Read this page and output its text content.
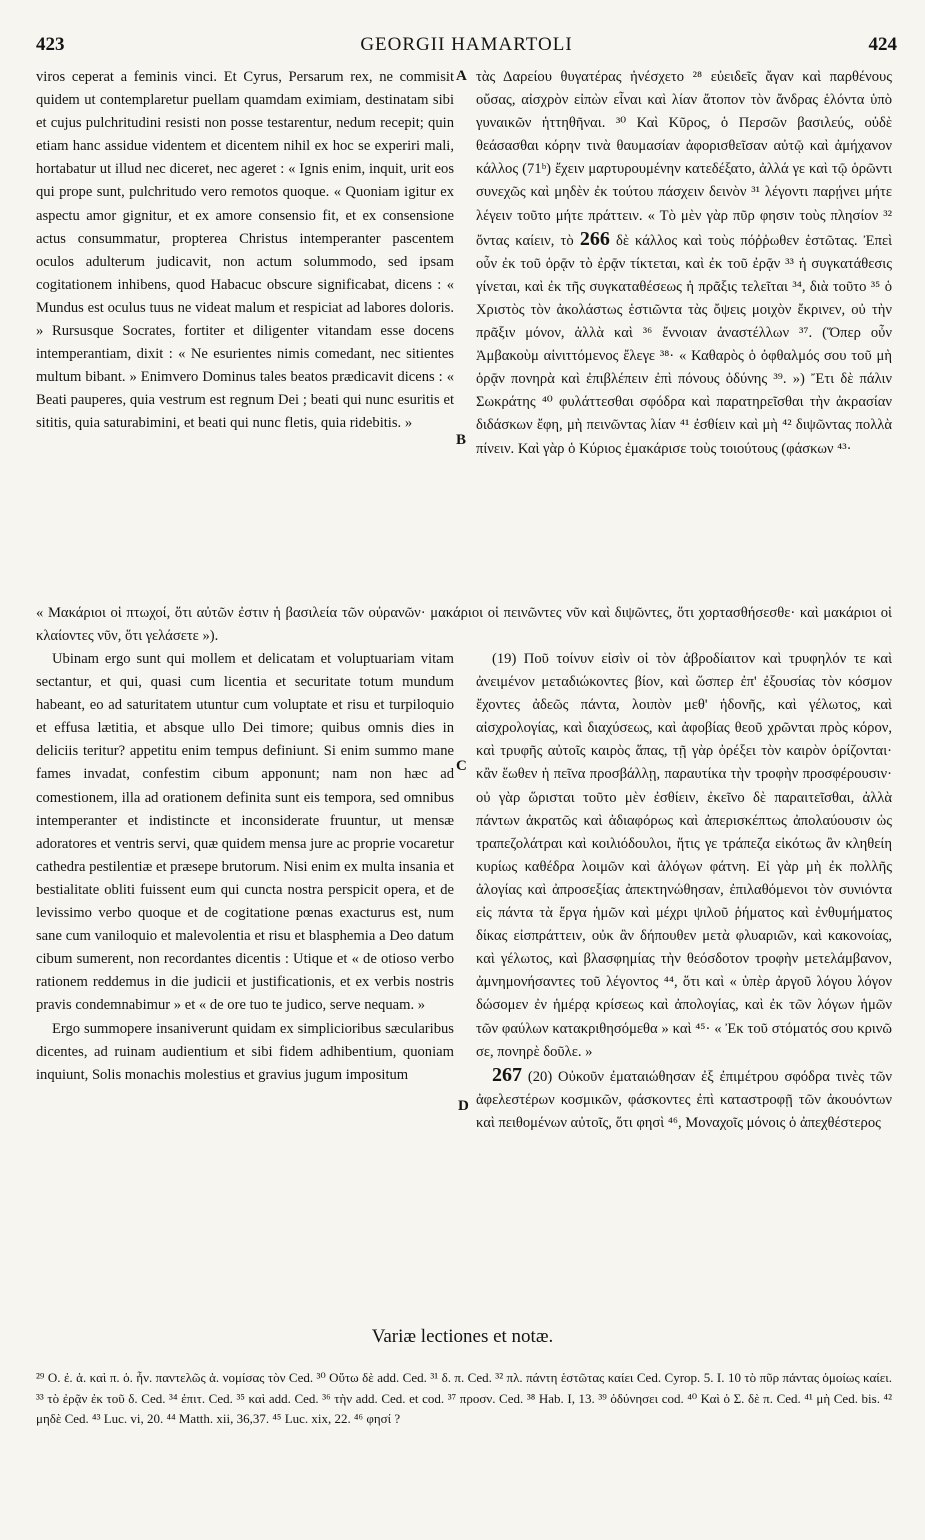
423	GEORGII HAMARTOLI	424
A
B
C
D

viros ceperat a feminis vinci. Et Cyrus, Persarum rex, ne commisit quidem ut contemplaretur puellam quamdam eximiam, destinatam sibi et cujus pulchritudini resisti non posse testarentur, nedum recepit; quin etiam hanc assidue videntem et dicentem nihil ex hoc se experiri mali, hortabatur ut illud nec diceret, nec ageret : « Ignis enim, inquit, urit eos qui prope sunt, pulchritudo vero remotos quoque. « Quoniam igitur ex aspectu amor gignitur, et ex amore consensio fit, et ex consensione actus consummatur, propterea Christus intemperanter pascentem oculos adulterum judicavit, non actum solummodo, sed ipsam cogitationem inhibens, quod Habacuc obscure significabat, dicens : « Mundus est oculus tuus ne videat malum et respiciat ad labores doloris. » Rursusque Socrates, fortiter et diligenter vitandam esse docens intemperantiam, dixit : « Ne esurientes nimis comedant, nec sitientes multum bibant. » Enimvero Dominus tales beatos prædicavit dicens : « Beati pauperes, quia vestrum est regnum Dei ; beati qui nunc esuritis et sititis, quia saturabimini, et beati qui nunc fletis, quia ridebitis. »

τὰς Δαρείου θυγατέρας ἠνέσχετο ²⁸ εὐειδεῖς ἄγαν καὶ παρθένους οὔσας, αἰσχρὸν εἰπὼν εἶναι καὶ λίαν ἄτοπον τὸν ἄνδρας ἑλόντα ὑπὸ γυναικῶν ἡττηθῆναι. ³⁰ Καὶ Κῦρος, ὁ Περσῶν βασιλεύς, οὐδὲ θεάσασθαι κόρην τινὰ θαυμασίαν ἀφορισθεῖσαν αὐτῷ καὶ ἀμήχανον κάλλος (71ᵇ) ἔχειν μαρτυρουμένην κατεδέξατο, ἀλλά γε καὶ τῷ ὁρῶντι συνεχῶς καὶ μηδὲν ἐκ τούτου πάσχειν δεινὸν ³¹ λέγοντι παρῄνει μήτε λέγειν τοῦτο μήτε πράττειν. « Τὸ μὲν γὰρ πῦρ φησιν τοὺς πλησίον ³² ὄντας καίειν, τὸ 266 δὲ κάλλος καὶ τοὺς πόῤῥωθεν ἑστῶτας. Ἐπεὶ οὖν ἐκ τοῦ ὁρᾷν τὸ ἐρᾷν τίκτεται, καὶ ἐκ τοῦ ἐρᾷν ³³ ἡ συγκατάθεσις γίνεται, καὶ ἐκ τῆς συγκαταθέσεως ἡ πρᾶξις τελεῖται ³⁴, διὰ τοῦτο ³⁵ ὁ Χριστὸς τὸν ἀκολάστως ἑστιῶντα τὰς ὄψεις μοιχὸν ἔκρινεν, οὐ τὴν πρᾶξιν μόνον, ἀλλὰ καὶ ³⁶ ἔννοιαν ἀναστέλλων ³⁷. (Ὅπερ οὖν Ἀμβακοὺμ αἰνιττόμενος ἔλεγε ³⁸· « Καθαρὸς ὁ ὀφθαλμός σου τοῦ μὴ ὁρᾷν πονηρὰ καὶ ἐπιβλέπειν ἐπὶ πόνους ὀδύνης ³⁹. ») Ἔτι δὲ πάλιν Σωκράτης ⁴⁰ φυλάττεσθαι σφόδρα καὶ παρατηρεῖσθαι τὴν ἀκρασίαν διδάσκων ἔφη, μὴ πεινῶντας λίαν ⁴¹ ἐσθίειν καὶ μὴ ⁴² διψῶντας πολλὰ πίνειν. Καὶ γὰρ ὁ Κύριος ἐμακάρισε τοὺς τοιούτους (φάσκων ⁴³·

« Μακάριοι οἱ πτωχοί, ὅτι αὐτῶν ἐστιν ἡ βασιλεία τῶν οὐρανῶν· μακάριοι οἱ πεινῶντες νῦν καὶ διψῶντες, ὅτι χορτασθήσεσθε· καὶ μακάριοι οἱ κλαίοντες νῦν, ὅτι γελάσετε »).

Ubinam ergo sunt qui mollem et delicatam et voluptuariam vitam sectantur, et qui, quasi cum licentia et securitate totum mundum habeant, eo ad saturitatem utuntur cum voluptate et risu et turpiloquio et effusa lætitia, et absque ullo Dei timore; quibus omnis dies in deliciis teritur? appetitu enim tempus definiunt. Si enim summo mane fames invadat, confestim cibum apponunt; nam non hæc ad comestionem, illa ad orationem definita sunt eis tempora, sed omnibus intemperanter et indistincte et inconsiderate fruuntur, ut mensæ adoratores et ventris servi, quæ quidem mensa jure ac proprie vocaretur cathedra pestilentiæ et præsepe brutorum. Nisi enim ex multa insania et bestialitate obliti fuissent eum qui cuncta nostra perspicit opera, et de levissimo verbo quoque et de cogitatione pœnas exacturus est, num sane cum vaniloquio et malevolentia et risu et blasphemia a Deo datum cibum sumerent, non recordantes dicentis : Utique et « de otioso verbo rationem reddemus in die judicii et justificationis, et ex verbis nostris pravis condemnabimur » et « de ore tuo te judico, serve nequam. »

Ergo summopere insaniverunt quidam ex simplicioribus sæcularibus dicentes, ad ruinam audientium et sibi fidem adhibentium, quoniam inquiunt, Solis monachis molestius et gravius jugum impositum

(19) Ποῦ τοίνυν εἰσὶν οἱ τὸν ἁβροδίαιτον καὶ τρυφηλόν τε καὶ ἀνειμένον μεταδιώκοντες βίον, καὶ ὥσπερ ἐπ' ἐξουσίας τὸν κόσμον ἔχοντες ἀδεῶς πάντα, λοιπὸν μεθ' ἡδονῆς, καὶ γέλωτος, καὶ αἰσχρολογίας, καὶ διαχύσεως, καὶ ἀφοβίας θεοῦ χρῶνται πρὸς κόρον, καὶ τρυφῆς αὐτοῖς καιρὸς ἅπας, τῇ γὰρ ὀρέξει τὸν καιρὸν ὁρίζονται· κἂν ἕωθεν ἡ πεῖνα προσβάλλῃ, παραυτίκα τὴν τροφὴν προσφέρουσιν· οὐ γὰρ ὥρισται τοῦτο μὲν ἐσθίειν, ἐκεῖνο δὲ παραιτεῖσθαι, ἀλλὰ πάντων ἀκρατῶς καὶ ἀδιαφόρως καὶ ἀπερισκέπτως ἀπολαύουσιν ὡς τραπεζολάτραι καὶ κοιλιόδουλοι, ἥτις γε τράπεζα εἰκότως ἂν κληθείη κυρίως καθέδρα λοιμῶν καὶ ἀλόγων φάτνη. Εἰ γὰρ μὴ ἐκ πολλῆς ἀλογίας καὶ ἀπροσεξίας ἀπεκτηνώθησαν, ἐπιλαθόμενοι τὸν συνιόντα εἰς πάντα τὰ ἔργα ἡμῶν καὶ μέχρι ψιλοῦ ῥήματος καὶ ἐνθυμήματος δίκας εἰσπράττειν, οὐκ ἂν δήπουθεν μετὰ φλυαριῶν, καὶ κακονοίας, καὶ γέλωτος, καὶ βλασφημίας τὴν θεόσδοτον τροφὴν μετελάμβανον, ἀμνημονήσαντες τοῦ λέγοντος ⁴⁴, ὅτι καὶ « ὑπὲρ ἀργοῦ λόγου λόγον δώσομεν ἐν ἡμέρᾳ κρίσεως καὶ ἀπολογίας, καὶ ἐκ τῶν λόγων ἡμῶν τῶν φαύλων κατακριθησόμεθα » καὶ ⁴⁵· « Ἐκ τοῦ στόματός σου κρινῶ σε, πονηρὲ δοῦλε. »

267 (20) Οὐκοῦν ἐματαιώθησαν ἐξ ἐπιμέτρου σφόδρα τινὲς τῶν ἀφελεστέρων κοσμικῶν, φάσκοντες ἐπὶ καταστροφῇ τῶν ἀκουόντων καὶ πειθομένων αὐτοῖς, ὅτι φησὶ ⁴⁶, Μοναχοῖς μόνοις ὁ ἀπεχθέστερος

Variæ lectiones et notæ.
²⁹ Ο. ἐ. ἀ. καὶ π. ὁ. ἦν. παντελῶς ἀ. νομίσας τὸν Ced. ³⁰ Οὕτω δὲ add. Ced. ³¹ δ. π. Ced. ³² πλ. πάντη ἑστῶτας καίει Ced. Cyrop. 5. I. 10 τὸ πῦρ πάντας ὁμοίως καίει. ³³ τὸ ἐρᾷν ἐκ τοῦ δ. Ced. ³⁴ ἐπιτ. Ced. ³⁵ καὶ add. Ced. ³⁶ τὴν add. Ced. et cod. ³⁷ προσν. Ced. ³⁸ Hab. I, 13. ³⁹ ὀδύνησει cod. ⁴⁰ Καὶ ὁ Σ. δὲ π. Ced. ⁴¹ μὴ Ced. bis. ⁴² μηδὲ Ced. ⁴³ Luc. vi, 20. ⁴⁴ Matth. xii, 36,37. ⁴⁵ Luc. xix, 22. ⁴⁶ φησί ?
